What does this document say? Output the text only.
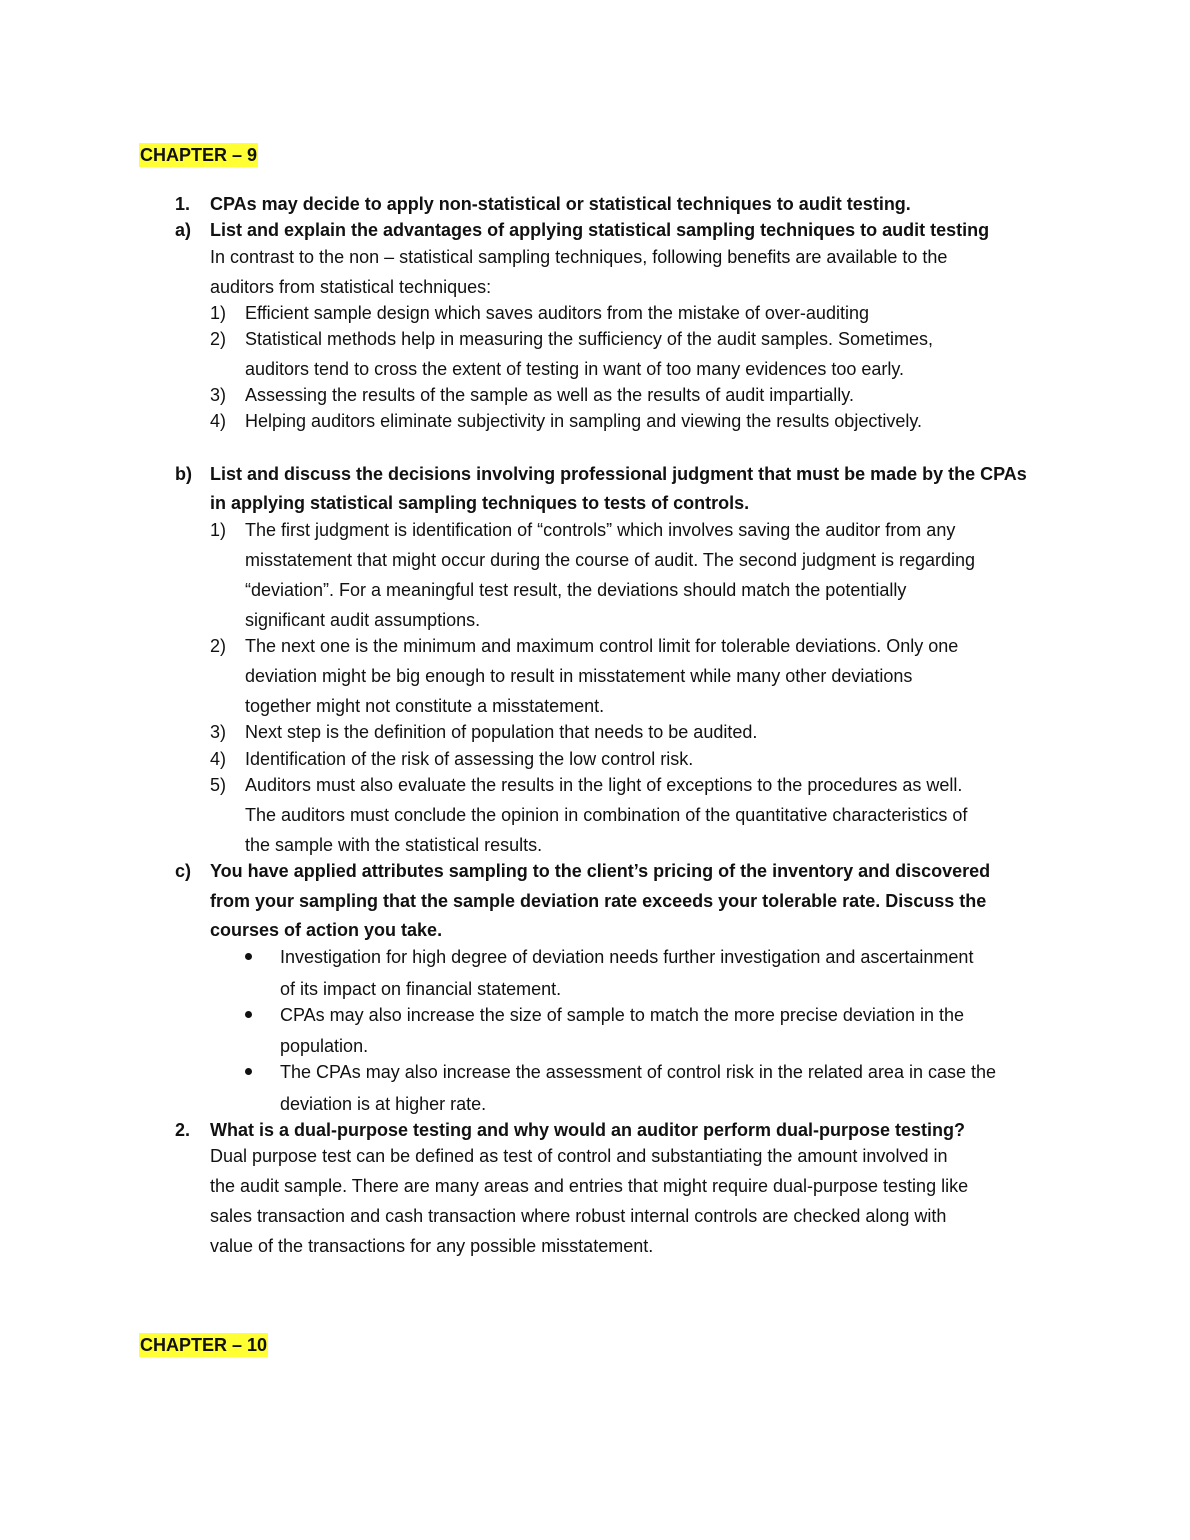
CHAPTER – 9
1. CPAs may decide to apply non-statistical or statistical techniques to audit testing.
a) List and explain the advantages of applying statistical sampling techniques to audit testing
In contrast to the non – statistical sampling techniques, following benefits are available to the
auditors from statistical techniques:
1) Efficient sample design which saves auditors from the mistake of over-auditing
2) Statistical methods help in measuring the sufficiency of the audit samples. Sometimes,
auditors tend to cross the extent of testing in want of too many evidences too early.
3) Assessing the results of the sample as well as the results of audit impartially.
4) Helping auditors eliminate subjectivity in sampling and viewing the results objectively.
b) List and discuss the decisions involving professional judgment that must be made by the CPAs
in applying statistical sampling techniques to tests of controls.
1) The first judgment is identification of “controls” which involves saving the auditor from any
misstatement that might occur during the course of audit. The second judgment is regarding
“deviation”. For a meaningful test result, the deviations should match the potentially
significant audit assumptions.
2) The next one is the minimum and maximum control limit for tolerable deviations. Only one
deviation might be big enough to result in misstatement while many other deviations
together might not constitute a misstatement.
3) Next step is the definition of population that needs to be audited.
4) Identification of the risk of assessing the low control risk.
5) Auditors must also evaluate the results in the light of exceptions to the procedures as well.
The auditors must conclude the opinion in combination of the quantitative characteristics of
the sample with the statistical results.
c) You have applied attributes sampling to the client’s pricing of the inventory and discovered
from your sampling that the sample deviation rate exceeds your tolerable rate. Discuss the
courses of action you take.
Investigation for high degree of deviation needs further investigation and ascertainment
of its impact on financial statement.
CPAs may also increase the size of sample to match the more precise deviation in the
population.
The CPAs may also increase the assessment of control risk in the related area in case the
deviation is at higher rate.
2. What is a dual-purpose testing and why would an auditor perform dual-purpose testing?
Dual purpose test can be defined as test of control and substantiating the amount involved in
the audit sample. There are many areas and entries that might require dual-purpose testing like
sales transaction and cash transaction where robust internal controls are checked along with
value of the transactions for any possible misstatement.
CHAPTER – 10
